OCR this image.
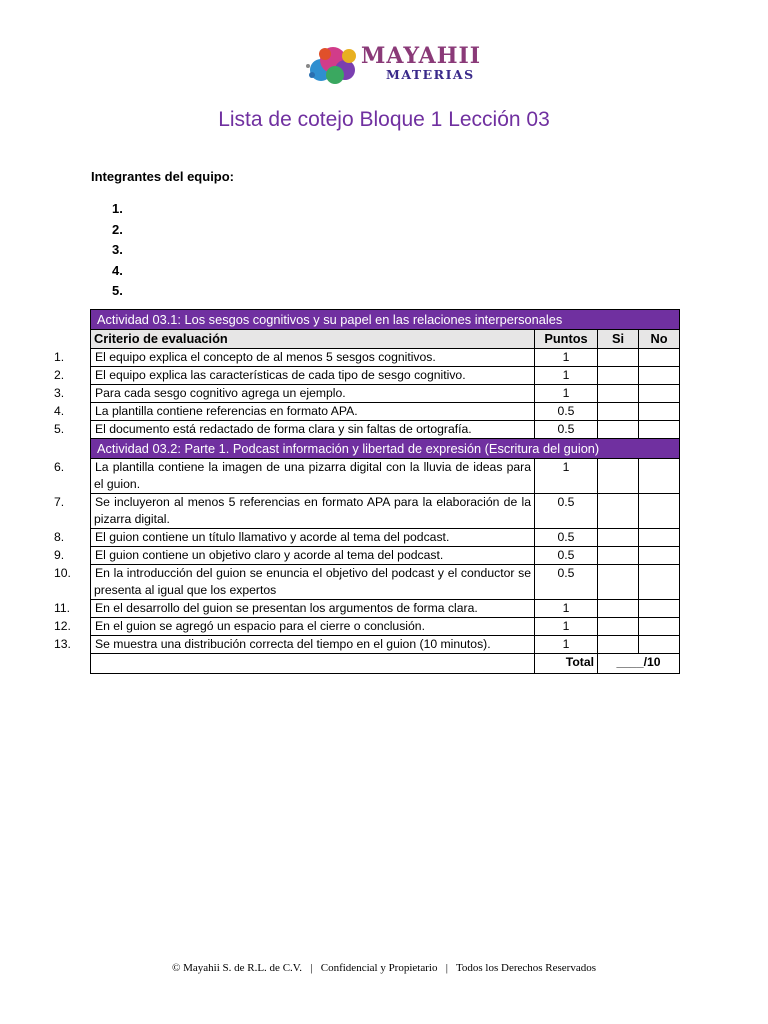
MAYAHII
MATERIAS
Lista de cotejo Bloque 1 Lección 03
Integrantes del equipo:
1.
2.
3.
4.
5.
Actividad 03.1: Los sesgos cognitivos y su papel en las relaciones interpersonales			
Criterio de evaluación	Puntos	Si	No
1. El equipo explica el concepto de al menos 5 sesgos cognitivos.	1		
2. El equipo explica las características de cada tipo de sesgo cognitivo.	1		
3. Para cada sesgo cognitivo agrega un ejemplo.	1		
4. La plantilla contiene referencias en formato APA.	0.5		
5. El documento está redactado de forma clara y sin faltas de ortografía.	0.5		
Actividad 03.2: Parte 1. Podcast información y libertad de expresión (Escritura del guion)			
6. La plantilla contiene la imagen de una pizarra digital con la lluvia de ideas para el guion.	1		
7. Se incluyeron al menos 5 referencias en formato APA para la elaboración de la pizarra digital.	0.5		
8. El guion contiene un título llamativo y acorde al tema del podcast.	0.5		
9. El guion contiene un objetivo claro y acorde al tema del podcast.	0.5		
10. En la introducción del guion se enuncia el objetivo del podcast y el conductor se presenta al igual que los expertos	0.5		
11. En el desarrollo del guion se presentan los argumentos de forma clara.	1		
12. En el guion se agregó un espacio para el cierre o conclusión.	1		
13. Se muestra una distribución correcta del tiempo en el guion (10 minutos).	1		
	Total	____/10	
© Mayahii S. de R.L. de C.V.   |   Confidencial y Propietario   |   Todos los Derechos Reservados
